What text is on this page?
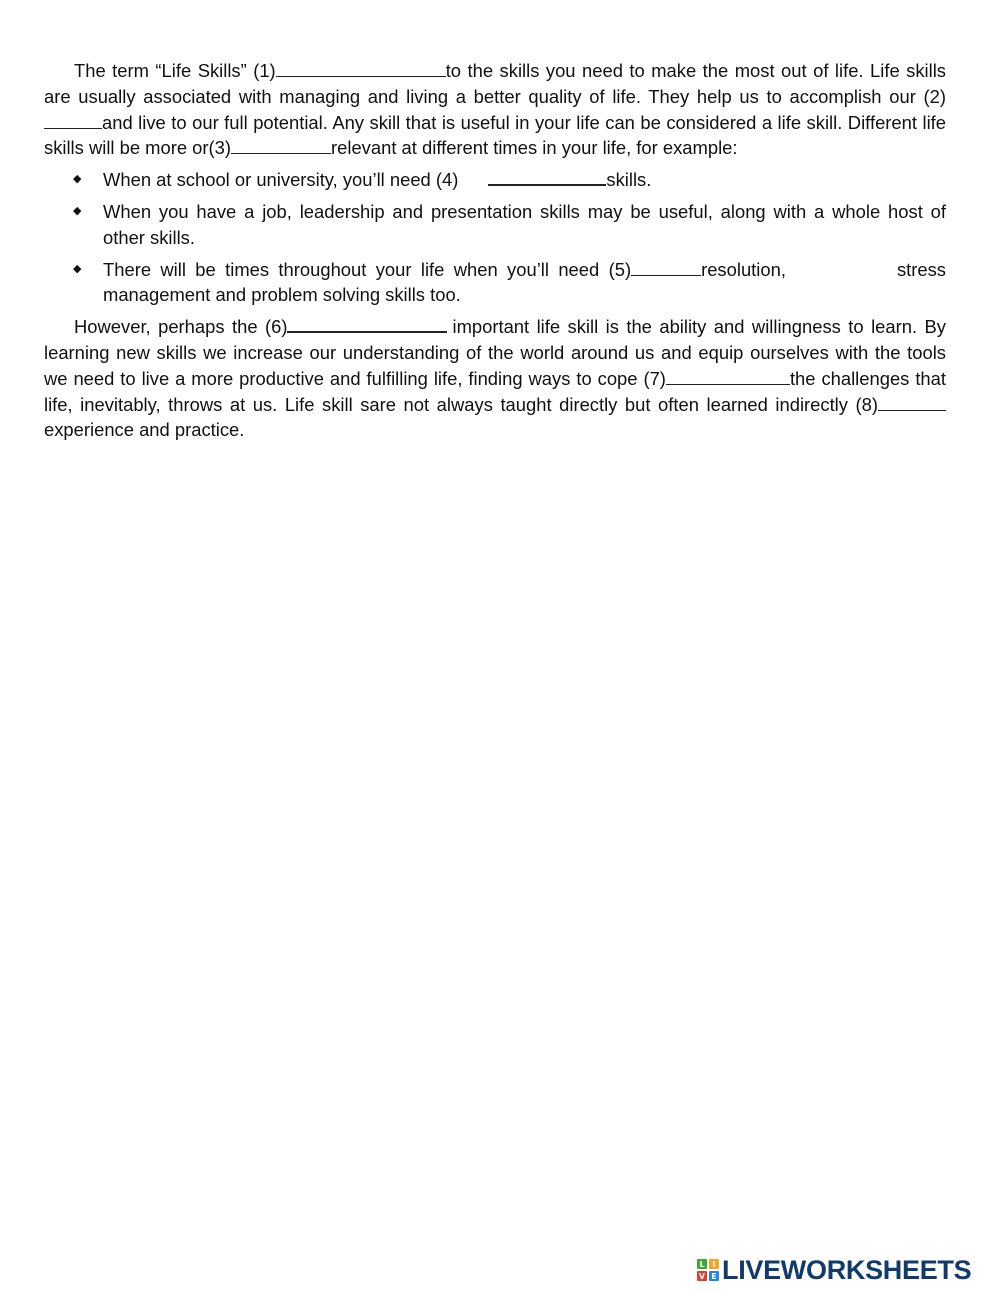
The term “Life Skills” (1)	to the skills you need to make the most out of life. Life skills are usually associated with managing and living a better quality of life. They help us to accomplish our (2)and live to our full potential. Any skill that is useful in your life can be considered a life skill. Different life skills will be more or(3)	relevant at different times in your life, for example:

◆ When at school or university, you’ll need (4)	skills.
◆ When you have a job, leadership and presentation skills may be useful, along with a whole host of other skills.
◆ There will be times throughout your life when you’ll need (5)	resolution,	stress management and problem solving skills too.

However, perhaps the (6)	important life skill is the ability and willingness to learn. By learning new skills we increase our understanding of the world around us and equip ourselves with the tools we need to live a more productive and fulfilling life, finding ways to cope (7)	the challenges that life, inevitably, throws at us. Life skill sare not always taught directly but often learned indirectly (8)experience and practice.

L I
V E LIVEWORKSHEETS
